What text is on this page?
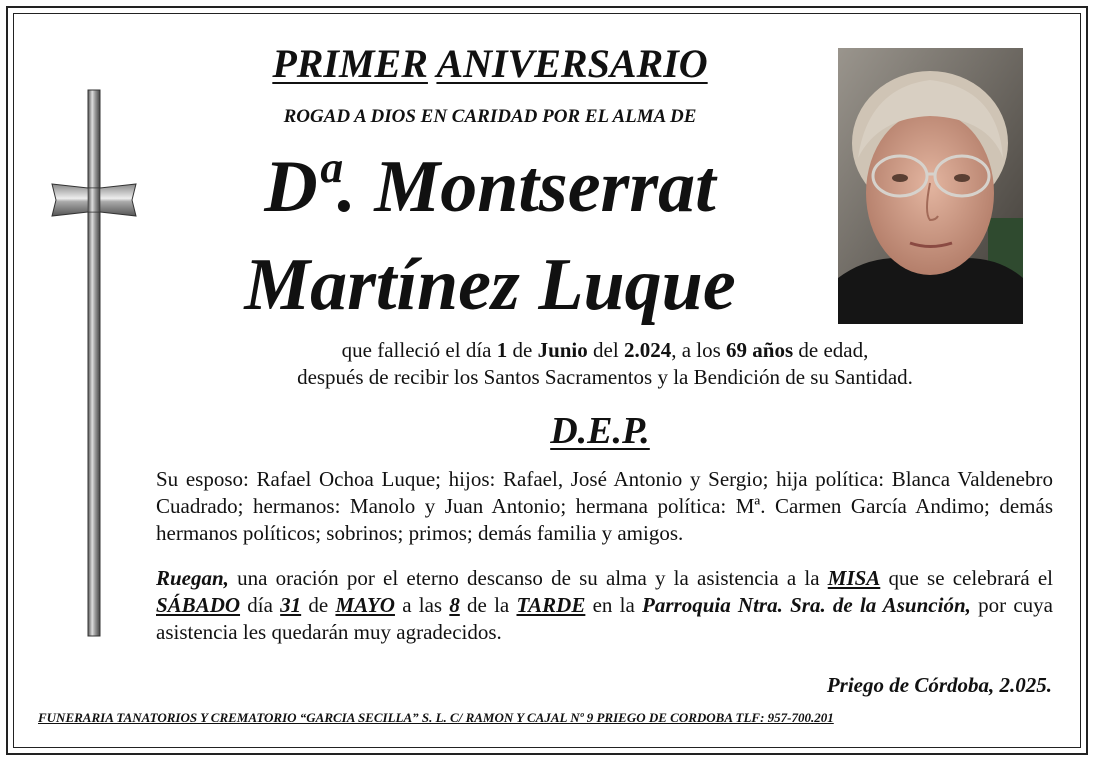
PRIMER ANIVERSARIO

ROGAD A DIOS EN CARIDAD POR EL ALMA DE

Dª. Montserrat

Martínez Luque

que falleció el día 1 de Junio del 2.024, a los 69 años de edad,
después de recibir los Santos Sacramentos y la Bendición de su Santidad.

D.E.P.

Su esposo: Rafael Ochoa Luque; hijos: Rafael, José Antonio y Sergio; hija política: Blanca Valdenebro Cuadrado; hermanos: Manolo y Juan Antonio; hermana política: Mª. Carmen García Andimo; demás hermanos políticos; sobrinos; primos; demás familia y amigos.

Ruegan, una oración por el eterno descanso de su alma y la asistencia a la MISA que se celebrará el SÁBADO día 31 de MAYO a las 8 de la TARDE en la Parroquia Ntra. Sra. de la Asunción, por cuya asistencia les quedarán muy agradecidos.

Priego de Córdoba, 2.025.

FUNERARIA TANATORIOS Y CREMATORIO “GARCIA SECILLA” S. L. C/ RAMON Y CAJAL Nº 9 PRIEGO DE CORDOBA TLF: 957-700.201
